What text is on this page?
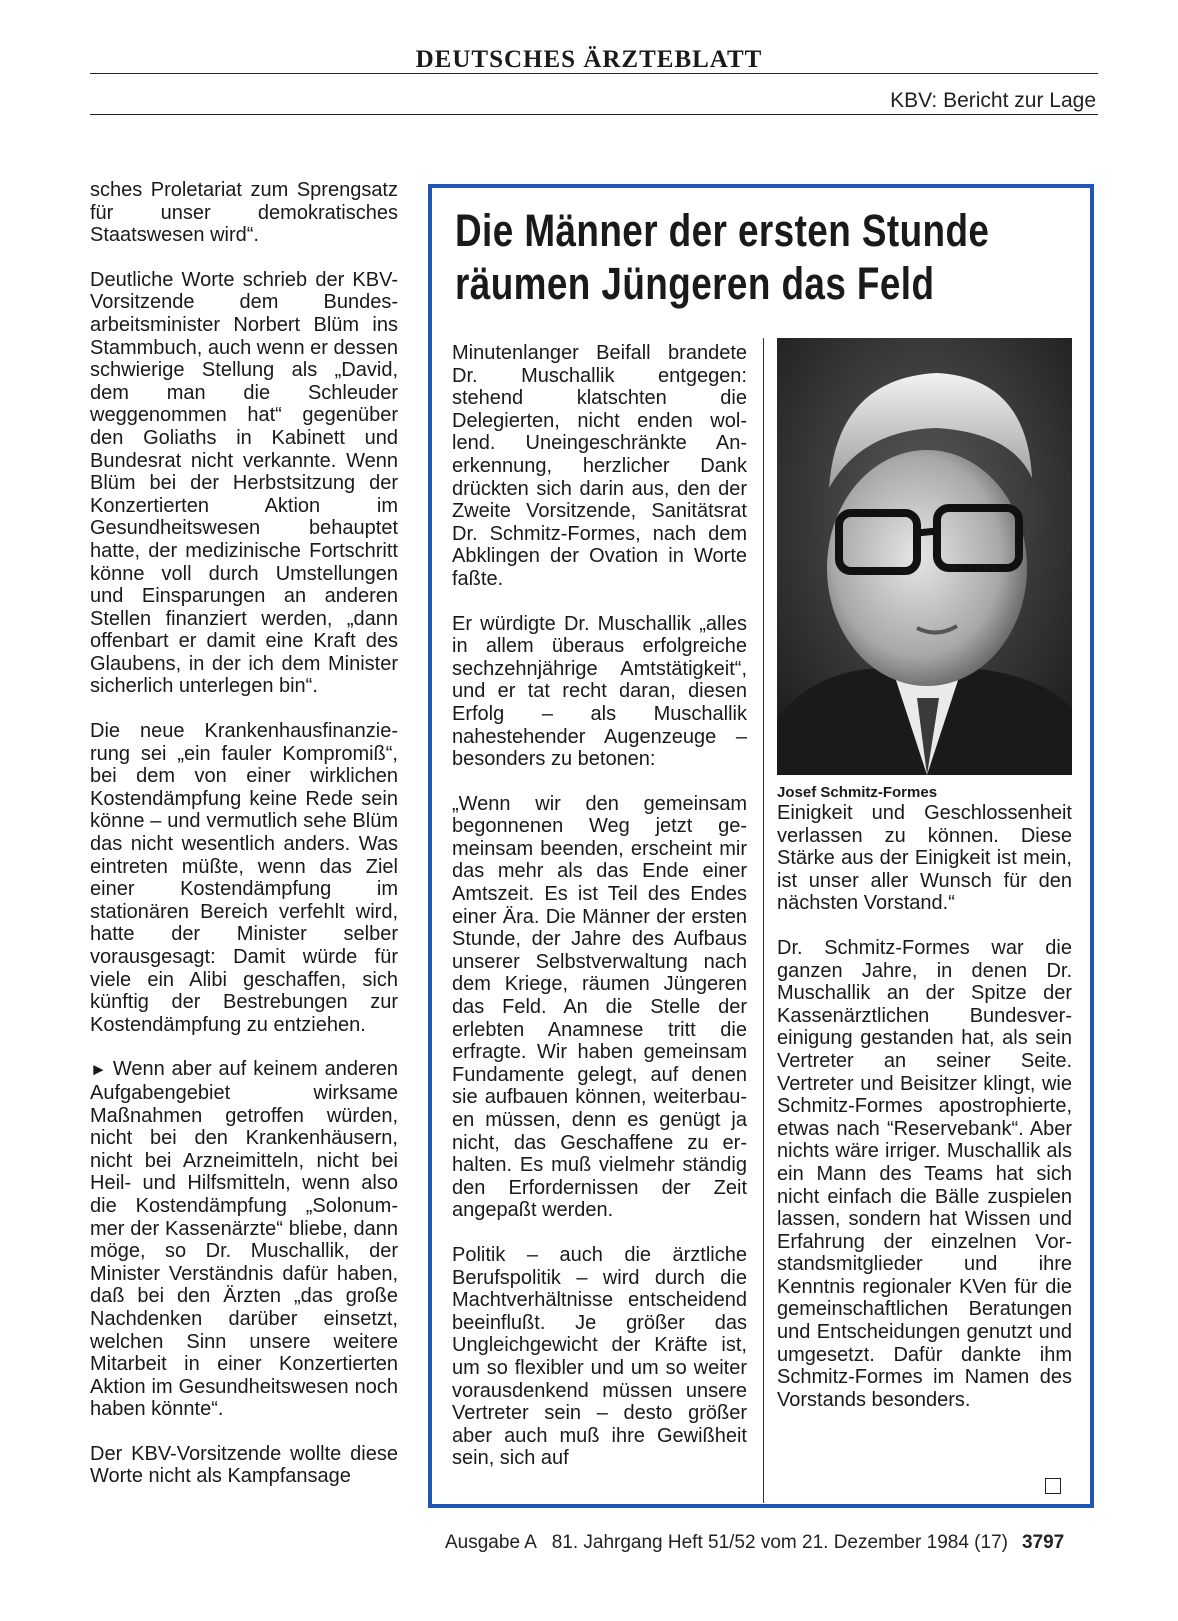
DEUTSCHES ÄRZTEBLATT
KBV: Bericht zur Lage

sches Proletariat zum Sprengsatz für unser demokratisches Staatswesen wird“.

Deutliche Worte schrieb der KBV-Vorsitzende dem Bundesarbeitsminister Norbert Blüm ins Stammbuch, auch wenn er dessen schwierige Stellung als „David, dem man die Schleuder weggenommen hat“ gegenüber den Goliaths in Kabinett und Bundesrat nicht verkannte. Wenn Blüm bei der Herbstsitzung der Konzertierten Aktion im Gesundheitswesen behauptet hatte, der medizinische Fortschritt könne voll durch Umstellungen und Einsparungen an anderen Stellen finanziert werden, „dann offenbart er damit eine Kraft des Glaubens, in der ich dem Minister sicherlich unterlegen bin“.

Die neue Krankenhausfinanzierung sei „ein fauler Kompromiß“, bei dem von einer wirklichen Kostendämpfung keine Rede sein könne – und vermutlich sehe Blüm das nicht wesentlich anders. Was eintreten müßte, wenn das Ziel einer Kostendämpfung im stationären Bereich verfehlt wird, hatte der Minister selber vorausgesagt: Damit würde für viele ein Alibi geschaffen, sich künftig der Bestrebungen zur Kostendämpfung zu entziehen.

► Wenn aber auf keinem anderen Aufgabengebiet wirksame Maßnahmen getroffen würden, nicht bei den Krankenhäusern, nicht bei Arzneimitteln, nicht bei Heil- und Hilfsmitteln, wenn also die Kostendämpfung „Solonummer der Kassenärzte“ bliebe, dann möge, so Dr. Muschallik, der Minister Verständnis dafür haben, daß bei den Ärzten „das große Nachdenken darüber einsetzt, welchen Sinn unsere weitere Mitarbeit in einer Konzertierten Aktion im Gesundheitswesen noch haben könnte“.

Der KBV-Vorsitzende wollte diese Worte nicht als Kampfansage

Die Männer der ersten Stunde
räumen Jüngeren das Feld

Minutenlanger Beifall brandete Dr. Muschallik entgegen: stehend klatschten die Delegierten, nicht enden wollend. Uneingeschränkte Anerkennung, herzlicher Dank drückten sich darin aus, den der Zweite Vorsitzende, Sanitätsrat Dr. Schmitz-Formes, nach dem Abklingen der Ovation in Worte faßte.

Er würdigte Dr. Muschallik „alles in allem überaus erfolgreiche sechzehnjährige Amtstätigkeit“, und er tat recht daran, diesen Erfolg – als Muschallik nahestehender Augenzeuge – besonders zu betonen:

„Wenn wir den gemeinsam begonnenen Weg jetzt gemeinsam beenden, erscheint mir das mehr als das Ende einer Amtszeit. Es ist Teil des Endes einer Ära. Die Männer der ersten Stunde, der Jahre des Aufbaus unserer Selbstverwaltung nach dem Kriege, räumen Jüngeren das Feld. An die Stelle der erlebten Anamnese tritt die erfragte. Wir haben gemeinsam Fundamente gelegt, auf denen sie aufbauen können, weiterbauen müssen, denn es genügt ja nicht, das Geschaffene zu erhalten. Es muß vielmehr ständig den Erfordernissen der Zeit angepaßt werden.

Politik – auch die ärztliche Berufspolitik – wird durch die Machtverhältnisse entscheidend beeinflußt. Je größer das Ungleichgewicht der Kräfte ist, um so flexibler und um so weiter vorausdenkend müssen unsere Vertreter sein – desto größer aber auch muß ihre Gewißheit sein, sich auf

Josef Schmitz-Formes

Einigkeit und Geschlossenheit verlassen zu können. Diese Stärke aus der Einigkeit ist mein, ist unser aller Wunsch für den nächsten Vorstand.“

Dr. Schmitz-Formes war die ganzen Jahre, in denen Dr. Muschallik an der Spitze der Kassenärztlichen Bundesvereinigung gestanden hat, als sein Vertreter an seiner Seite. Vertreter und Beisitzer klingt, wie Schmitz-Formes apostrophierte, etwas nach “Reservebank“. Aber nichts wäre irriger. Muschallik als ein Mann des Teams hat sich nicht einfach die Bälle zuspielen lassen, sondern hat Wissen und Erfahrung der einzelnen Vorstandsmitglieder und ihre Kenntnis regionaler KVen für die gemeinschaftlichen Beratungen und Entscheidungen genutzt und umgesetzt. Dafür dankte ihm Schmitz-Formes im Namen des Vorstands besonders.

Ausgabe A   81. Jahrgang Heft 51/52 vom 21. Dezember 1984 (17) 3797
